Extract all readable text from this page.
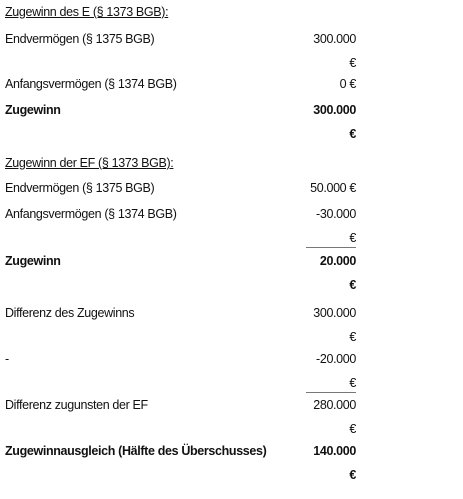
Zugewinn des E (§ 1373 BGB):
Endvermögen (§ 1375 BGB)	300.000 €
Anfangsvermögen (§ 1374 BGB)	0 €
Zugewinn	300.000 €
Zugewinn der EF (§ 1373 BGB):
Endvermögen (§ 1375 BGB)	50.000 €
Anfangsvermögen (§ 1374 BGB)	-30.000 €
Zugewinn	20.000 €
Differenz des Zugewinns	300.000 €
-	-20.000 €
Differenz zugunsten der EF	280.000 €
Zugewinnausgleich (Hälfte des Überschusses)	140.000 €
